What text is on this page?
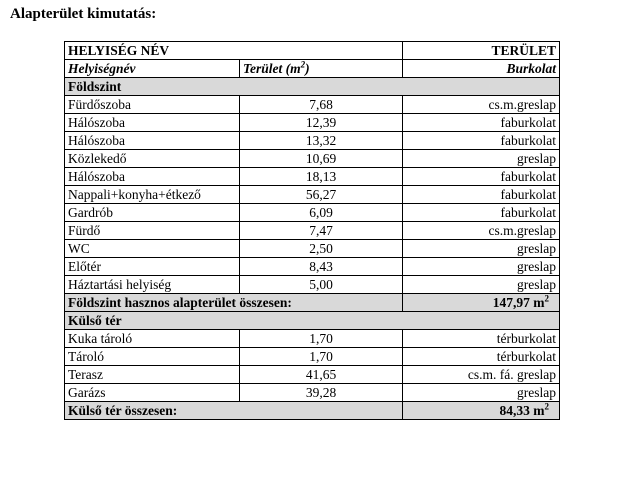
Alapterület kimutatás:
HELYISÉG NÉV		TERÜLET
Helyiségnév	Terület $(m^2)$	Burkolat
Földszint		
Fürdőszoba	7,68	cs.m.greslap
Hálószoba	12,39	faburkolat
Hálószoba	13,32	faburkolat
Közlekedő	10,69	greslap
Hálószoba	18,13	faburkolat
Nappali+konyha+étkező	56,27	faburkolat
Gardrób	6,09	faburkolat
Fürdő	7,47	cs.m.greslap
WC	2,50	greslap
Előtér	8,43	greslap
Háztartási helyiség	5,00	greslap
Földszint hasznos alapterület összesen:		147,97 $m^2$
Külső tér		
Kuka tároló	1,70	térburkolat
Tároló	1,70	térburkolat
Terasz	41,65	cs.m. fá. greslap
Garázs	39,28	greslap
Külső tér összesen:		84,33 $m^2$
